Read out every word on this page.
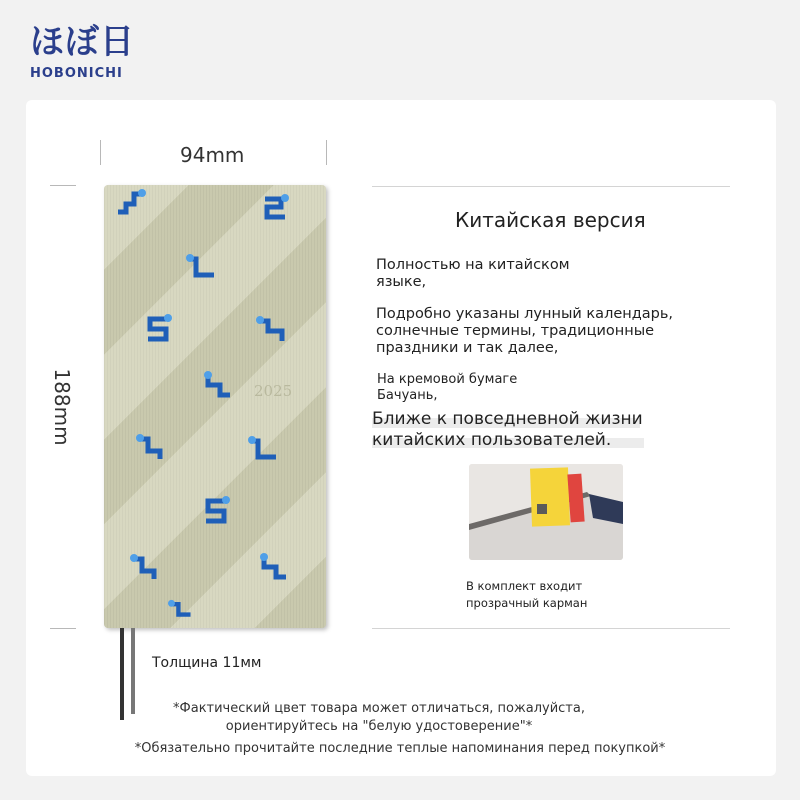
ほぼ日
HOBONICHI
94mm
188mm	2025
Толщина 11мм
Китайская версия
Полностью на китайском
языке,
Подробно указаны лунный календарь,
солнечные термины, традиционные
праздники и так далее,
На кремовой бумаге
Бачуань,
Ближе к повседневной жизни
китайских пользователей.
В комплект входит
прозрачный карман
*Фактический цвет товара может отличаться, пожалуйста,
ориентируйтесь на "белую удостоверение"*
*Обязательно прочитайте последние теплые напоминания перед покупкой*
